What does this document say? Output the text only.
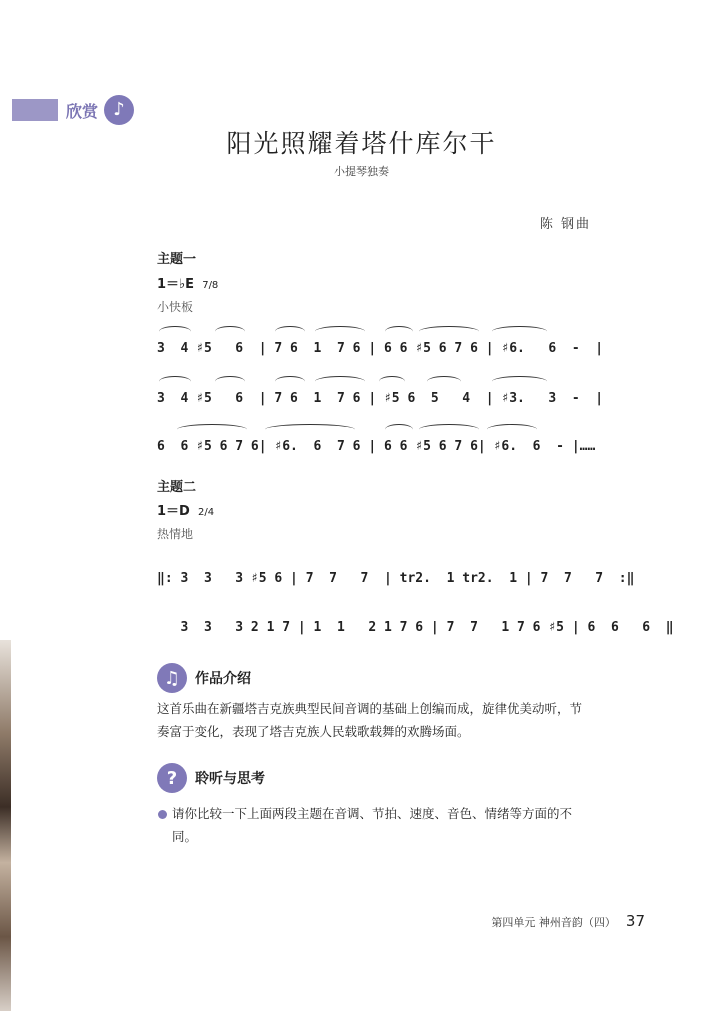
欣赏 ♪
阳光照耀着塔什库尔干
小提琴独奏
陈 钢曲
主题一
1＝♭E 7/8
小快板
3  4 ♯5   6  | 7 6  1  7 6 | 6 6 ♯5 6 7 6 | ♯6.   6  -  |
3  4 ♯5   6  | 7 6  1  7 6 | ♯5 6  5   4  | ♯3.   3  -  |
6  6 ♯5 6 7 6| ♯6.  6  7 6 | 6 6 ♯5 6 7 6| ♯6.  6  - |……
主题二
1＝D 2/4
热情地
‖: 3  3   3 ♯5 6 | 7  7   7  | tr2.  1 tr2.  1 | 7  7   7  :‖
3  3   3 2 1 7 | 1  1   2 1 7 6 | 7  7   1 7 6 ♯5 | 6  6   6  ‖
♫	作品介绍
这首乐曲在新疆塔吉克族典型民间音调的基础上创编而成，旋律优美动听，节奏富于变化，表现了塔吉克族人民载歌载舞的欢腾场面。
?	聆听与思考
请你比较一下上面两段主题在音调、节拍、速度、音色、情绪等方面的不同。
第四单元 神州音韵（四） 37
